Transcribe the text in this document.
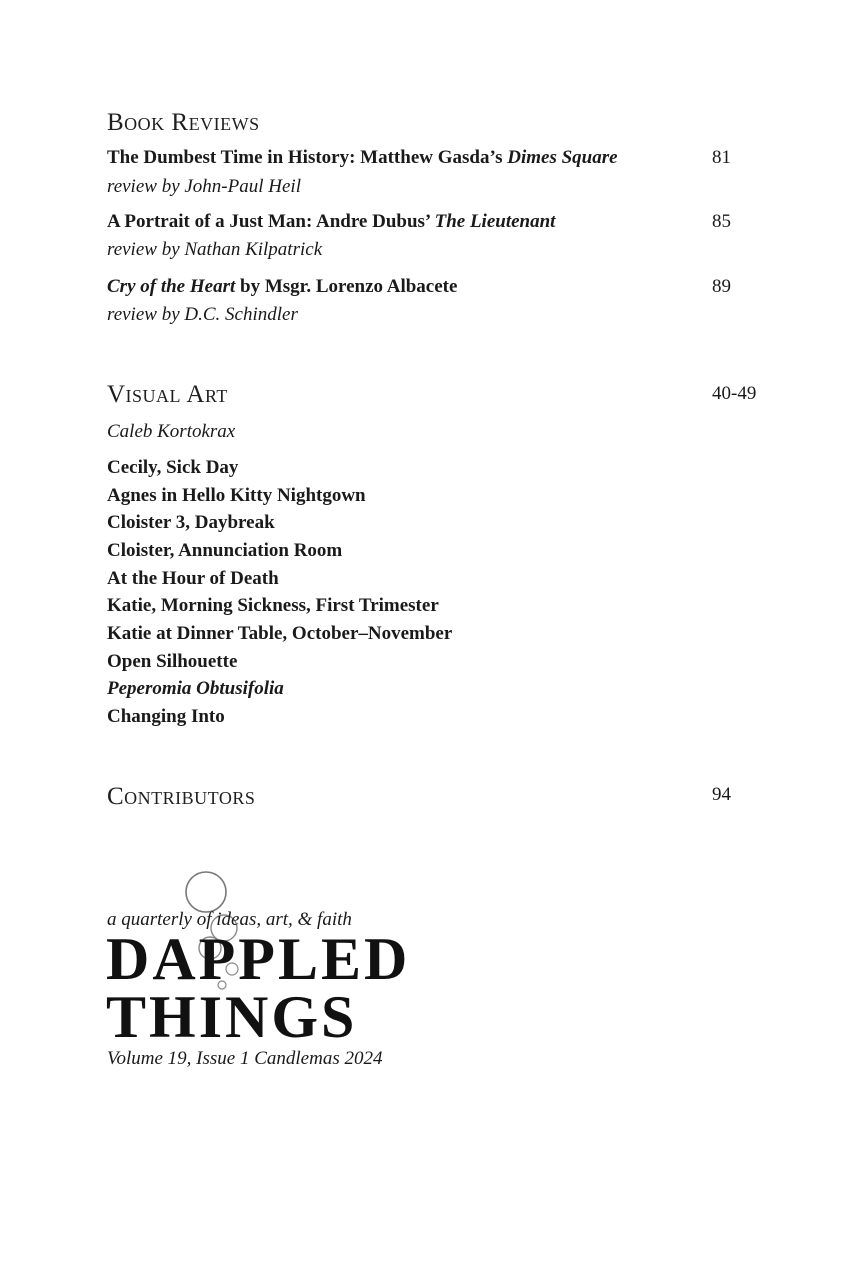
Book Reviews
The Dumbest Time in History: Matthew Gasda’s Dimes Square
review by John-Paul Heil
81
A Portrait of a Just Man: Andre Dubus’ The Lieutenant
review by Nathan Kilpatrick
85
Cry of the Heart by Msgr. Lorenzo Albacete
review by D.C. Schindler
89
Visual Art	40-49
Caleb Kortokrax
Cecily, Sick Day
Agnes in Hello Kitty Nightgown
Cloister 3, Daybreak
Cloister, Annunciation Room
At the Hour of Death
Katie, Morning Sickness, First Trimester
Katie at Dinner Table, October–November
Open Silhouette
Peperomia Obtusifolia
Changing Into
Contributors	94
a quarterly of ideas, art, & faith
DAPPLED
THINGS
Volume 19, Issue 1 Candlemas 2024
